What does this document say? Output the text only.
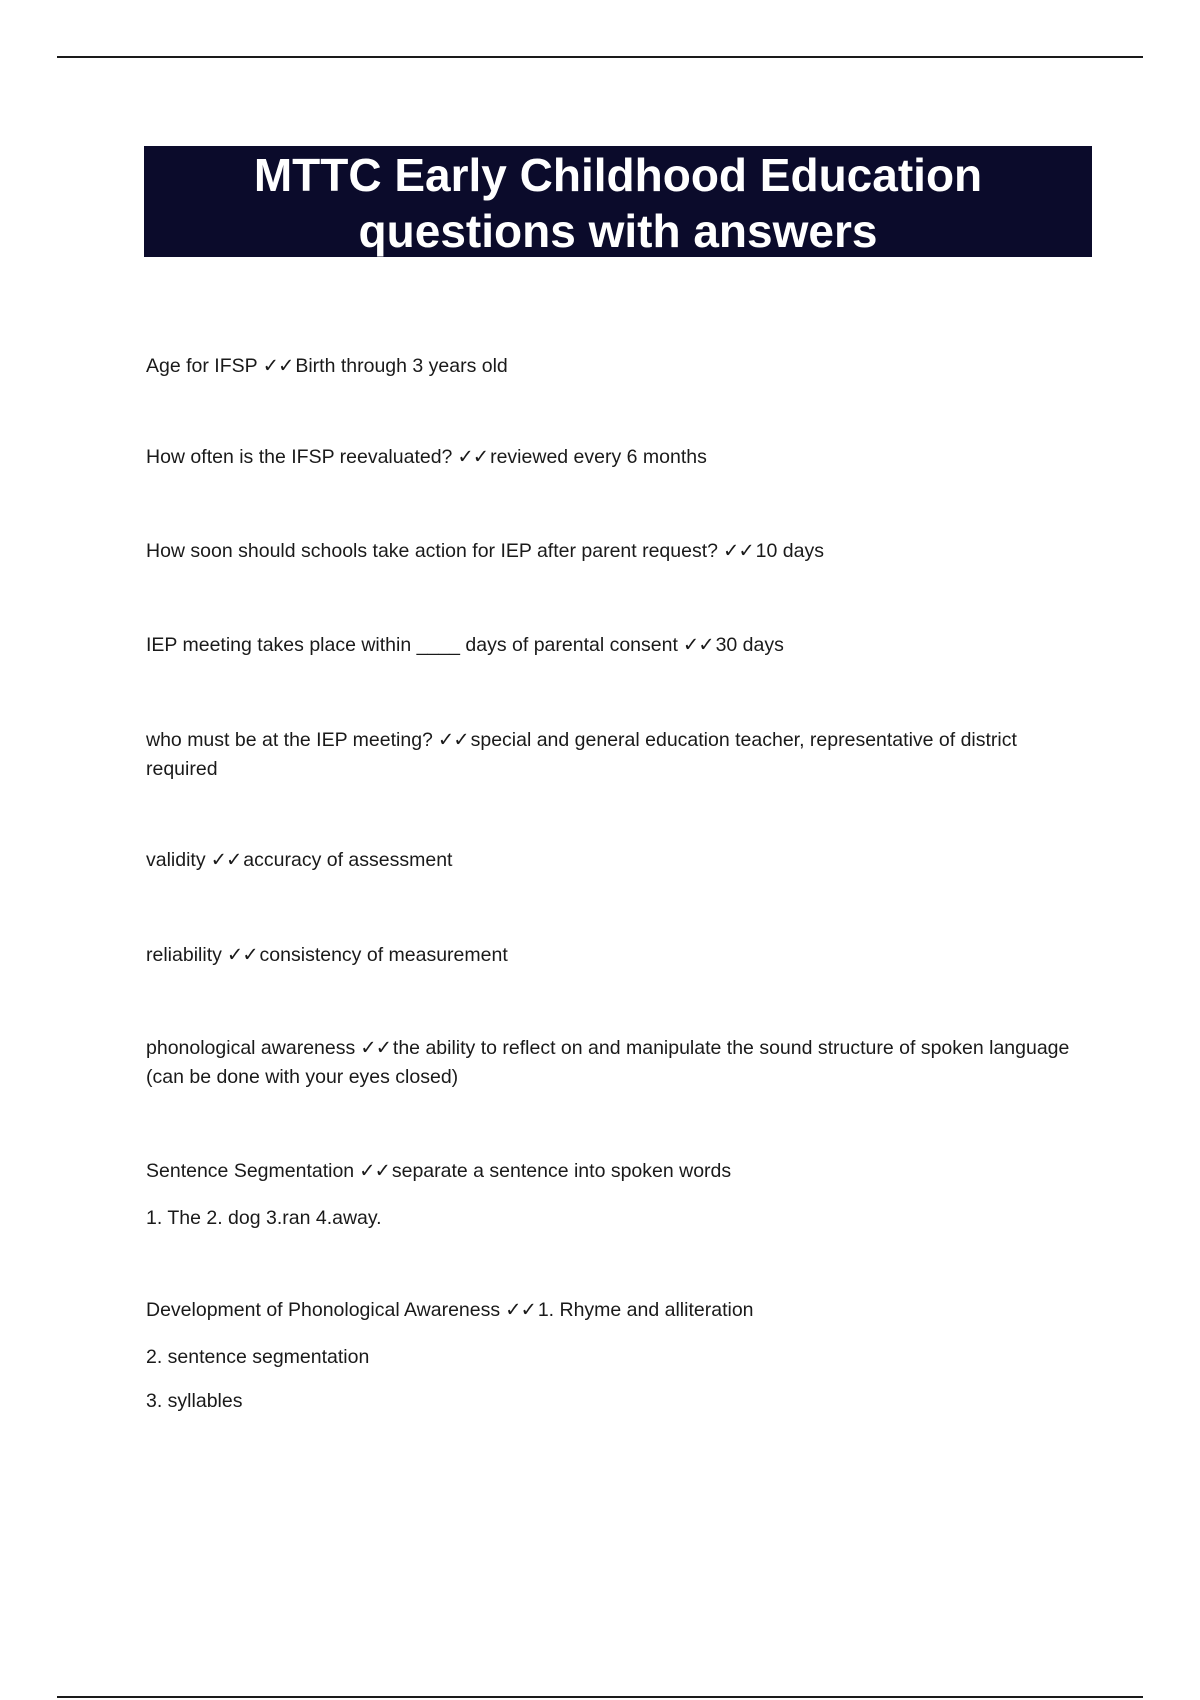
MTTC Early Childhood Education
questions with answers
Age for IFSP ✓✓ Birth through 3 years old
How often is the IFSP reevaluated? ✓✓ reviewed every 6 months
How soon should schools take action for IEP after parent request? ✓✓ 10 days
IEP meeting takes place within ____ days of parental consent ✓✓ 30 days
who must be at the IEP meeting? ✓✓ special and general education teacher, representative of district required
validity ✓✓ accuracy of assessment
reliability ✓✓ consistency of measurement
phonological awareness ✓✓ the ability to reflect on and manipulate the sound structure of spoken language (can be done with your eyes closed)
Sentence Segmentation ✓✓ separate a sentence into spoken words
1. The 2. dog 3.ran 4.away.
Development of Phonological Awareness ✓✓ 1. Rhyme and alliteration
2. sentence segmentation
3. syllables
